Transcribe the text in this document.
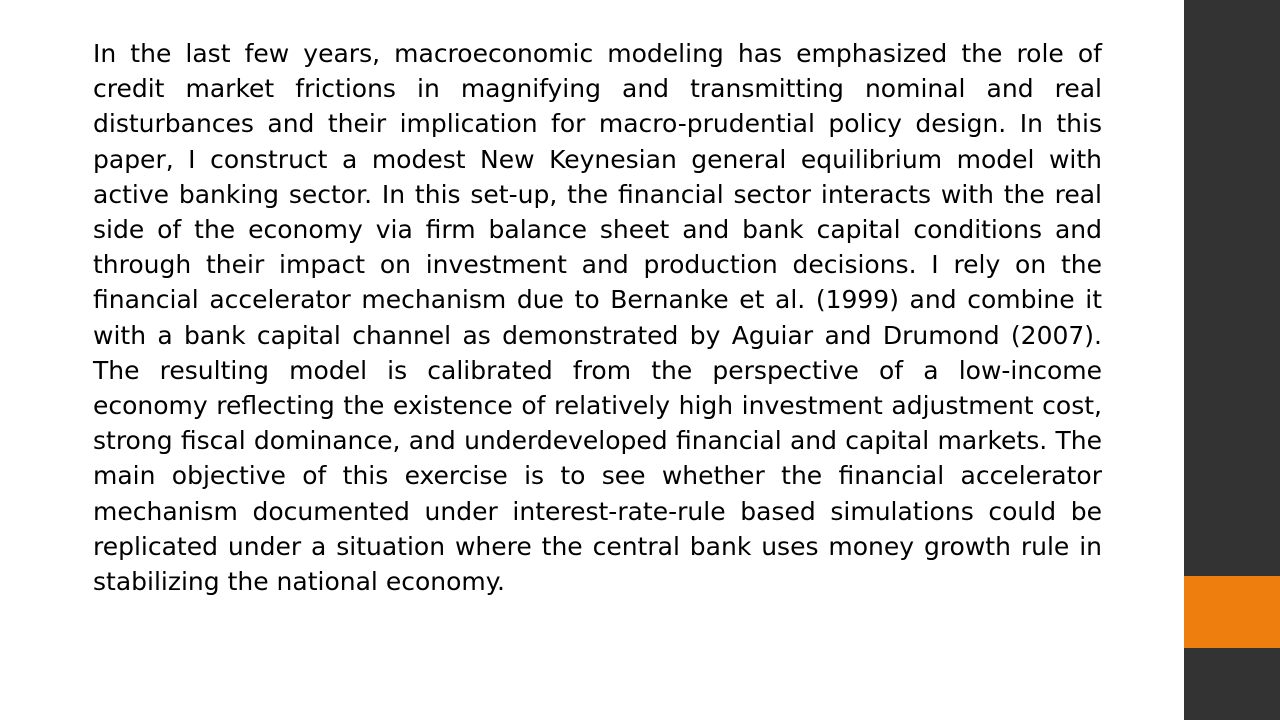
In the last few years, macroeconomic modeling has emphasized the role of credit market frictions in magnifying and transmitting nominal and real disturbances and their implication for macro-prudential policy design. In this paper, I construct a modest New Keynesian general equilibrium model with active banking sector. In this set-up, the financial sector interacts with the real side of the economy via firm balance sheet and bank capital conditions and through their impact on investment and production decisions. I rely on the financial accelerator mechanism due to Bernanke et al. (1999) and combine it with a bank capital channel as demonstrated by Aguiar and Drumond (2007). The resulting model is calibrated from the perspective of a low-income economy reflecting the existence of relatively high investment adjustment cost, strong fiscal dominance, and underdeveloped financial and capital markets. The main objective of this exercise is to see whether the financial accelerator mechanism documented under interest-rate-rule based simulations could be replicated under a situation where the central bank uses money growth rule in stabilizing the national economy.
